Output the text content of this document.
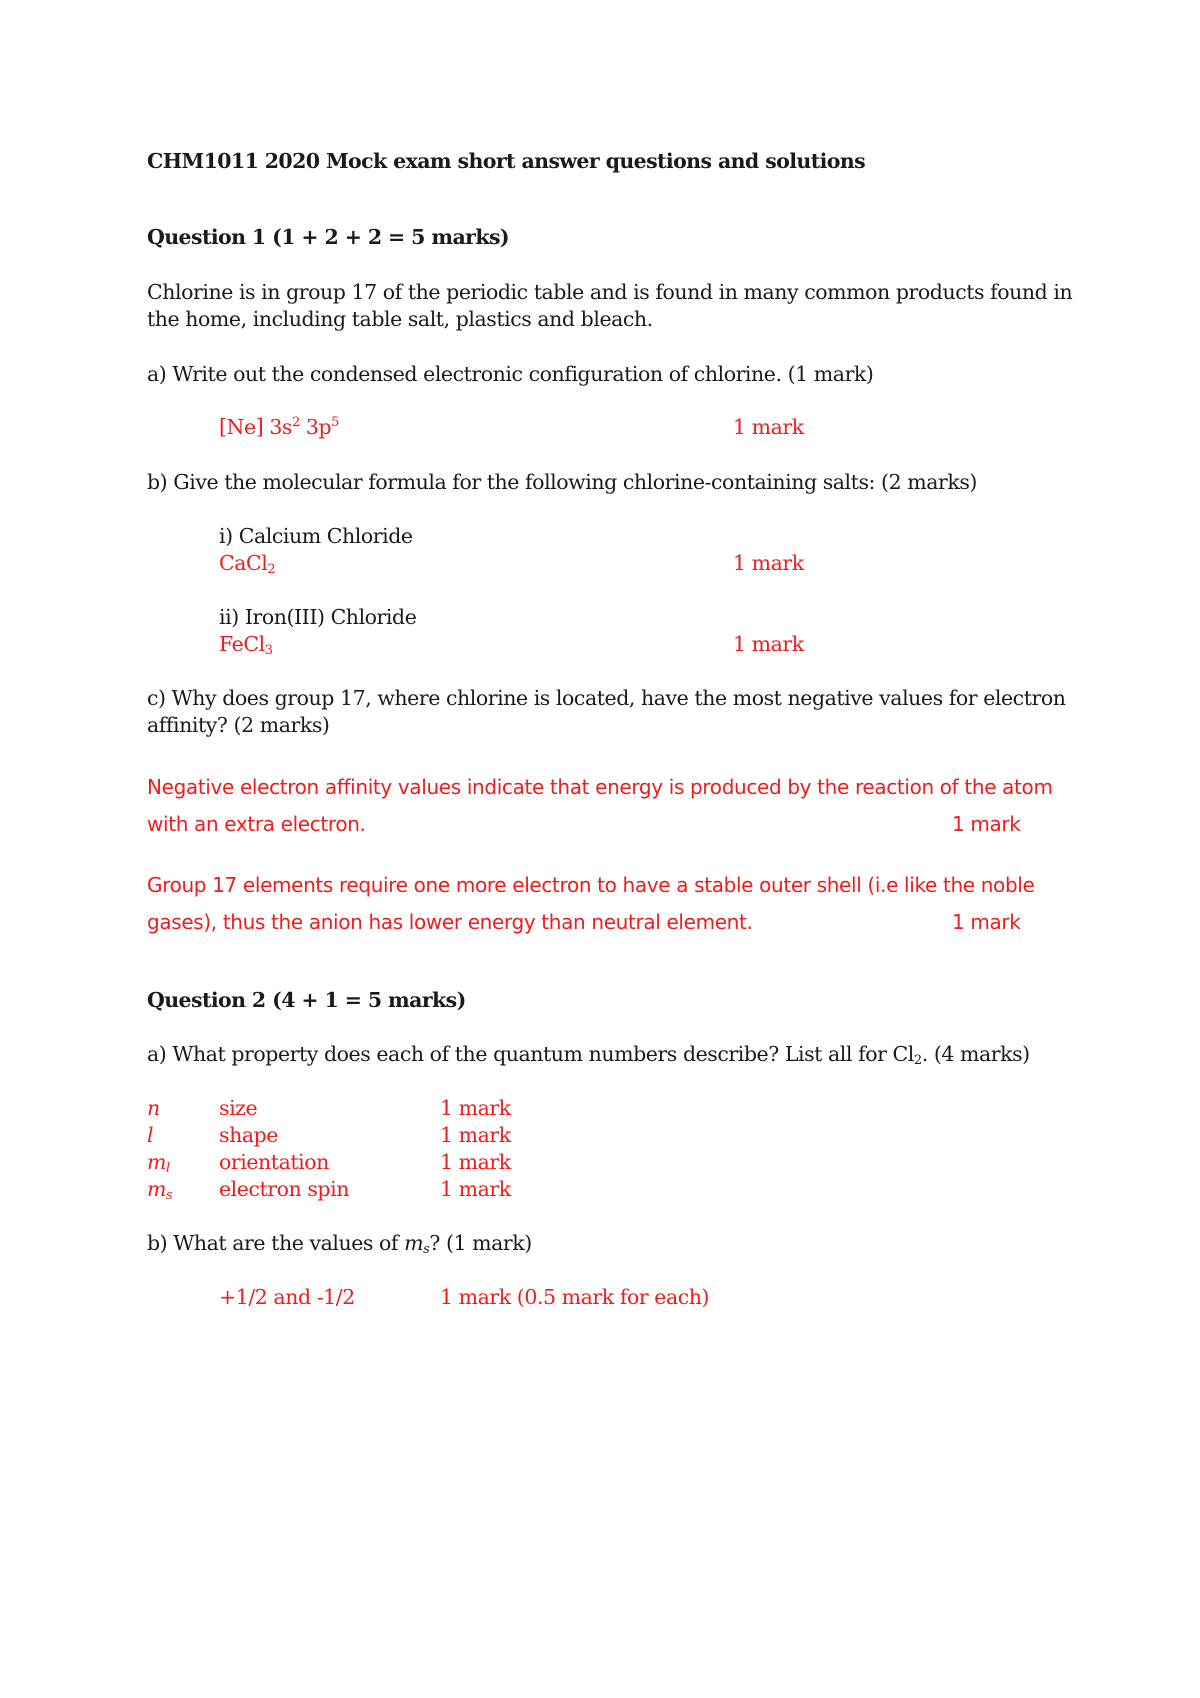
CHM1011 2020 Mock exam short answer questions and solutions
Question 1 (1 + 2 + 2 = 5 marks)
Chlorine is in group 17 of the periodic table and is found in many common products found in
the home, including table salt, plastics and bleach.
a) Write out the condensed electronic configuration of chlorine. (1 mark)
[Ne] $3s^2$ $3p^5$	1 mark
b) Give the molecular formula for the following chlorine-containing salts: (2 marks)
i) Calcium Chloride
CaCl$_2$	1 mark
ii) Iron(III) Chloride
FeCl$_3$	1 mark
c) Why does group 17, where chlorine is located, have the most negative values for electron
affinity? (2 marks)
Negative electron affinity values indicate that energy is produced by the reaction of the atom
with an extra electron.	1 mark
Group 17 elements require one more electron to have a stable outer shell (i.e like the noble
gases), thus the anion has lower energy than neutral element.	1 mark
Question 2 (4 + 1 = 5 marks)
a) What property does each of the quantum numbers describe? List all for $Cl_2$. (4 marks)
n	size	1 mark
l	shape	1 mark
$m_l$ orientation	1 mark
$m_s$ electron spin	1 mark
b) What are the values of $m_s$? (1 mark)
+1/2 and -1/2	1 mark (0.5 mark for each)
